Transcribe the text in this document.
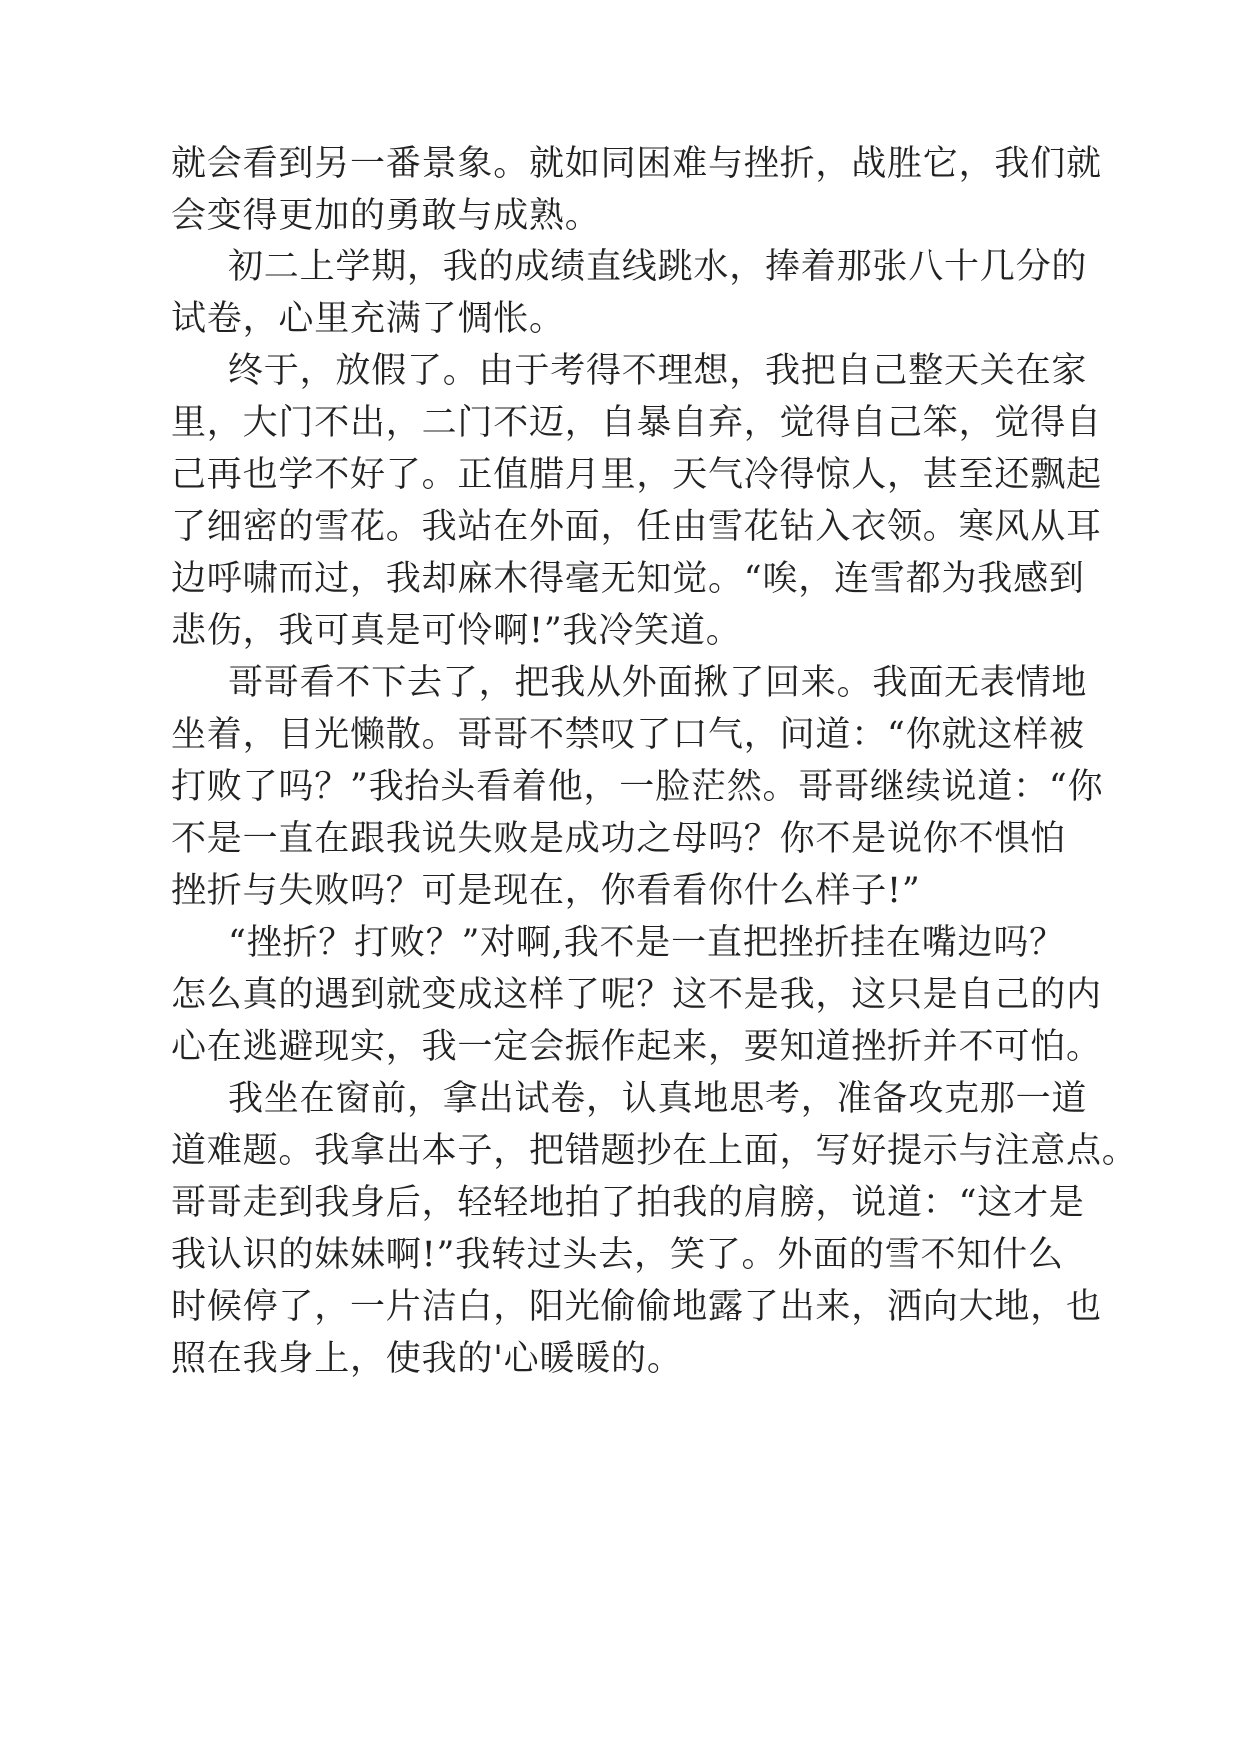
就会看到另一番景象。就如同困难与挫折，战胜它，我们就
会变得更加的勇敢与成熟。
初二上学期，我的成绩直线跳水，捧着那张八十几分的
试卷，心里充满了惆怅。
终于，放假了。由于考得不理想，我把自己整天关在家
里，大门不出，二门不迈，自暴自弃，觉得自己笨，觉得自
己再也学不好了。正值腊月里，天气冷得惊人，甚至还飘起
了细密的雪花。我站在外面，任由雪花钻入衣领。寒风从耳
边呼啸而过，我却麻木得毫无知觉。“唉，连雪都为我感到
悲伤，我可真是可怜啊!”我冷笑道。
哥哥看不下去了，把我从外面揪了回来。我面无表情地
坐着，目光懒散。哥哥不禁叹了口气，问道：“你就这样被
打败了吗？”我抬头看着他，一脸茫然。哥哥继续说道：“你
不是一直在跟我说失败是成功之母吗？你不是说你不惧怕
挫折与失败吗？可是现在，你看看你什么样子!”
“挫折？打败？”对啊,我不是一直把挫折挂在嘴边吗？
怎么真的遇到就变成这样了呢？这不是我，这只是自己的内
心在逃避现实，我一定会振作起来，要知道挫折并不可怕。
我坐在窗前，拿出试卷，认真地思考，准备攻克那一道
道难题。我拿出本子，把错题抄在上面，写好提示与注意点。
哥哥走到我身后，轻轻地拍了拍我的肩膀，说道：“这才是
我认识的妹妹啊!”我转过头去，笑了。外面的雪不知什么
时候停了，一片洁白，阳光偷偷地露了出来，洒向大地，也
照在我身上，使我的'心暖暖的。
